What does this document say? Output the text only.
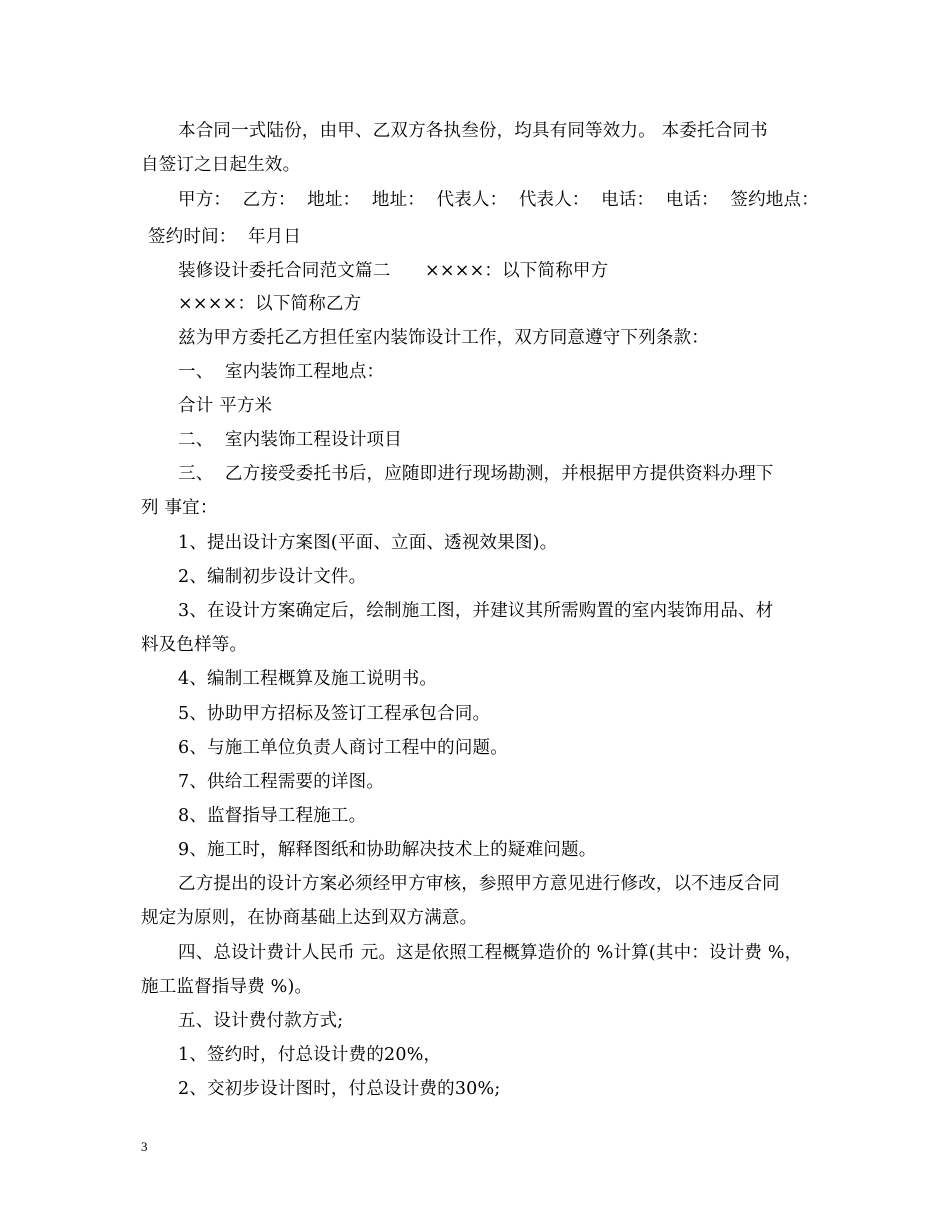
本合同一式陆份，由甲、乙双方各执叁份，均具有同等效力。 本委托合同书
自签订之日起生效。
甲方：  乙方：  地址：  地址：  代表人：  代表人：  电话：  电话：  签约地点：
签约时间：  年月日
装修设计委托合同范文篇二      ××××：以下简称甲方
××××：以下简称乙方
兹为甲方委托乙方担任室内装饰设计工作，双方同意遵守下列条款：
一、  室内装饰工程地点：
合计 平方米
二、  室内装饰工程设计项目
三、  乙方接受委托书后，应随即进行现场勘测，并根据甲方提供资料办理下
列 事宜：
1、提出设计方案图(平面、立面、透视效果图)。
2、编制初步设计文件。
3、在设计方案确定后，绘制施工图，并建议其所需购置的室内装饰用品、材
料及色样等。
4、编制工程概算及施工说明书。
5、协助甲方招标及签订工程承包合同。
6、与施工单位负责人商讨工程中的问题。
7、供给工程需要的详图。
8、监督指导工程施工。
9、施工时，解释图纸和协助解决技术上的疑难问题。
乙方提出的设计方案必须经甲方审核，参照甲方意见进行修改，以不违反合同
规定为原则，在协商基础上达到双方满意。
四、总设计费计人民币 元。这是依照工程概算造价的 %计算(其中：设计费 %，
施工监督指导费 %)。
五、设计费付款方式;
1、签约时，付总设计费的20%，
2、交初步设计图时，付总设计费的30%;
3
